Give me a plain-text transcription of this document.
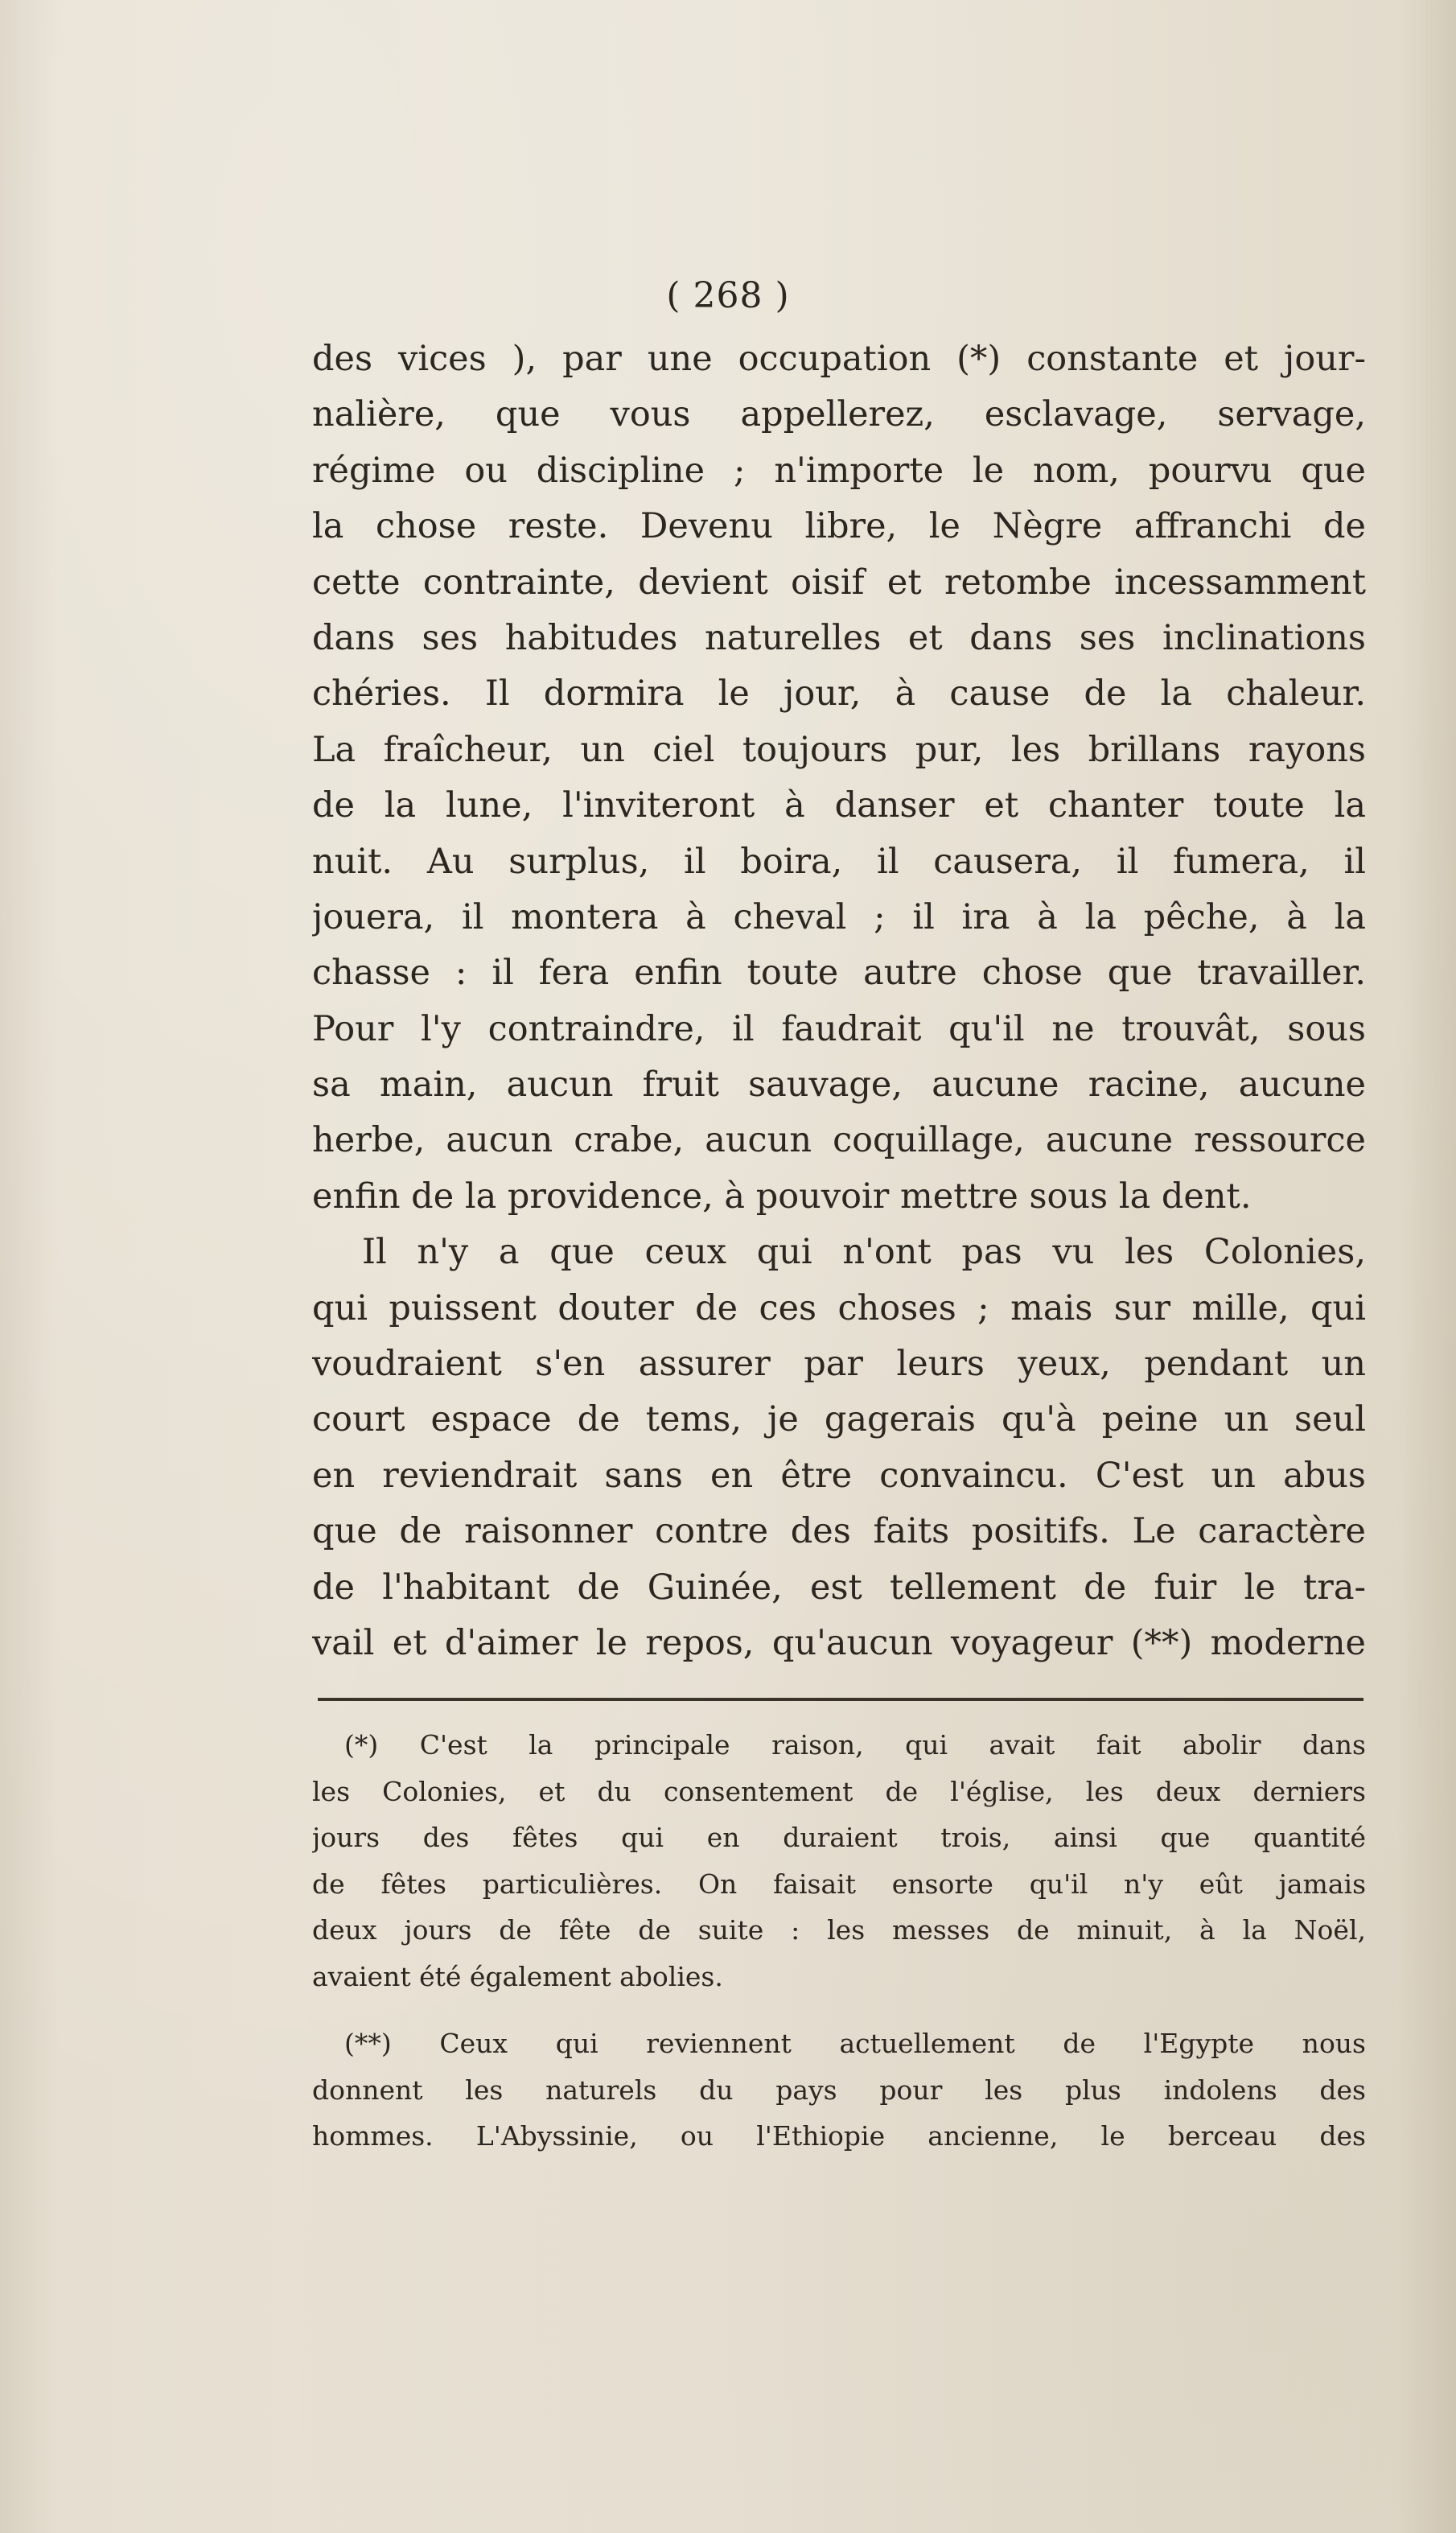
( 268 )
des vices ), par une occupation (*) constante et jour-
nalière, que vous appellerez, esclavage, servage,
régime ou discipline ; n'importe le nom, pourvu que
la chose reste. Devenu libre, le Nègre affranchi de
cette contrainte, devient oisif et retombe incessamment
dans ses habitudes naturelles et dans ses inclinations
chéries. Il dormira le jour, à cause de la chaleur.
La fraîcheur, un ciel toujours pur, les brillans rayons
de la lune, l'inviteront à danser et chanter toute la
nuit. Au surplus, il boira, il causera, il fumera, il
jouera, il montera à cheval ; il ira à la pêche, à la
chasse : il fera enfin toute autre chose que travailler.
Pour l'y contraindre, il faudrait qu'il ne trouvât, sous
sa main, aucun fruit sauvage, aucune racine, aucune
herbe, aucun crabe, aucun coquillage, aucune ressource
enfin de la providence, à pouvoir mettre sous la dent.
Il n'y a que ceux qui n'ont pas vu les Colonies,
qui puissent douter de ces choses ; mais sur mille, qui
voudraient s'en assurer par leurs yeux, pendant un
court espace de tems, je gagerais qu'à peine un seul
en reviendrait sans en être convaincu. C'est un abus
que de raisonner contre des faits positifs. Le caractère
de l'habitant de Guinée, est tellement de fuir le tra-
vail et d'aimer le repos, qu'aucun voyageur (**) moderne
(*) C'est la principale raison, qui avait fait abolir dans
les Colonies, et du consentement de l'église, les deux derniers
jours des fêtes qui en duraient trois, ainsi que quantité
de fêtes particulières. On faisait ensorte qu'il n'y eût jamais
deux jours de fête de suite : les messes de minuit, à la Noël,
avaient été également abolies.
(**) Ceux qui reviennent actuellement de l'Egypte nous
donnent les naturels du pays pour les plus indolens des
hommes. L'Abyssinie, ou l'Ethiopie ancienne, le berceau des
